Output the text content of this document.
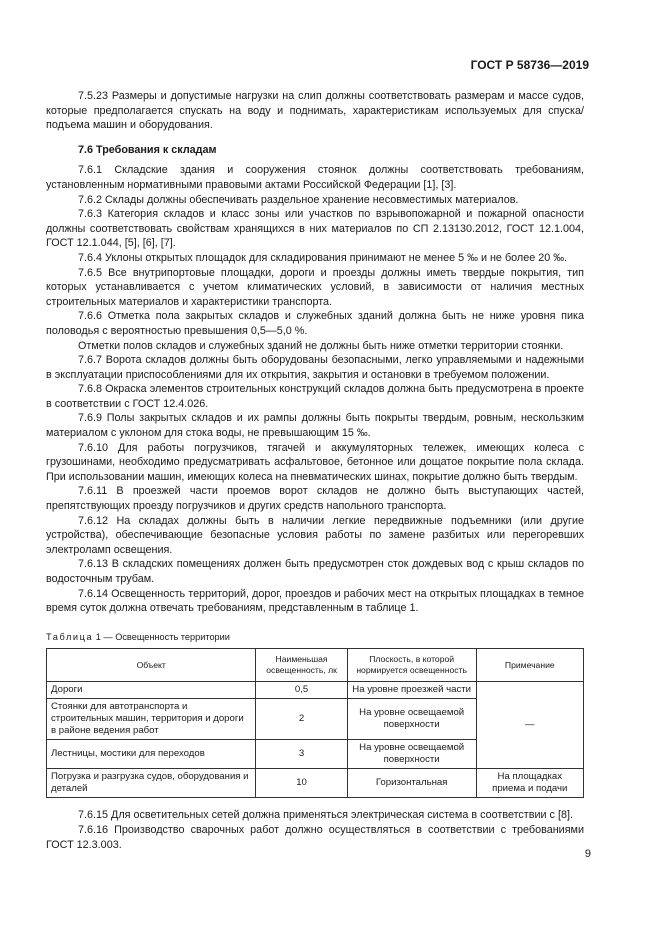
ГОСТ Р 58736—2019

7.5.23 Размеры и допустимые нагрузки на слип должны соответствовать размерам и массе судов, которые предполагается спускать на воду и поднимать, характеристикам используемых для спуска/подъема машин и оборудования.

7.6 Требования к складам

7.6.1 Складские здания и сооружения стоянок должны соответствовать требованиям, установленным нормативными правовыми актами Российской Федерации [1], [3].

7.6.2 Склады должны обеспечивать раздельное хранение несовместимых материалов.

7.6.3 Категория складов и класс зоны или участков по взрывопожарной и пожарной опасности должны соответствовать свойствам хранящихся в них материалов по СП 2.13130.2012, ГОСТ 12.1.004, ГОСТ 12.1.044, [5], [6], [7].

7.6.4 Уклоны открытых площадок для складирования принимают не менее 5 ‰ и не более 20 ‰.

7.6.5 Все внутрипортовые площадки, дороги и проезды должны иметь твердые покрытия, тип которых устанавливается с учетом климатических условий, в зависимости от наличия местных строительных материалов и характеристики транспорта.

7.6.6 Отметка пола закрытых складов и служебных зданий должна быть не ниже уровня пика половодья с вероятностью превышения 0,5—5,0 %.

Отметки полов складов и служебных зданий не должны быть ниже отметки территории стоянки.

7.6.7 Ворота складов должны быть оборудованы безопасными, легко управляемыми и надежными в эксплуатации приспособлениями для их открытия, закрытия и остановки в требуемом положении.

7.6.8 Окраска элементов строительных конструкций складов должна быть предусмотрена в проекте в соответствии с ГОСТ 12.4.026.

7.6.9 Полы закрытых складов и их рампы должны быть покрыты твердым, ровным, нескользким материалом с уклоном для стока воды, не превышающим 15 ‰.

7.6.10 Для работы погрузчиков, тягачей и аккумуляторных тележек, имеющих колеса с грузошинами, необходимо предусматривать асфальтовое, бетонное или дощатое покрытие пола склада. При использовании машин, имеющих колеса на пневматических шинах, покрытие должно быть твердым.

7.6.11 В проезжей части проемов ворот складов не должно быть выступающих частей, препятствующих проезду погрузчиков и других средств напольного транспорта.

7.6.12 На складах должны быть в наличии легкие передвижные подъемники (или другие устройства), обеспечивающие безопасные условия работы по замене разбитых или перегоревших электроламп освещения.

7.6.13 В складских помещениях должен быть предусмотрен сток дождевых вод с крыш складов по водосточным трубам.

7.6.14 Освещенность территорий, дорог, проездов и рабочих мест на открытых площадках в темное время суток должна отвечать требованиям, представленным в таблице 1.

Таблица 1 — Освещенность территории
Объект	Наименьшая освещенность, лк	Плоскость, в которой нормируется освещенность	Примечание
Дороги	0,5	На уровне проезжей части	—
Стоянки для автотранспорта и строительных машин, территория и дороги в районе ведения работ	2	На уровне освещаемой поверхности	
Лестницы, мостики для переходов	3	На уровне освещаемой поверхности	
Погрузка и разгрузка судов, оборудования и деталей	10	Горизонтальная	На площадках приема и подачи

7.6.15 Для осветительных сетей должна применяться электрическая система в соответствии с [8].

7.6.16 Производство сварочных работ должно осуществляться в соответствии с требованиями ГОСТ 12.3.003.

9
